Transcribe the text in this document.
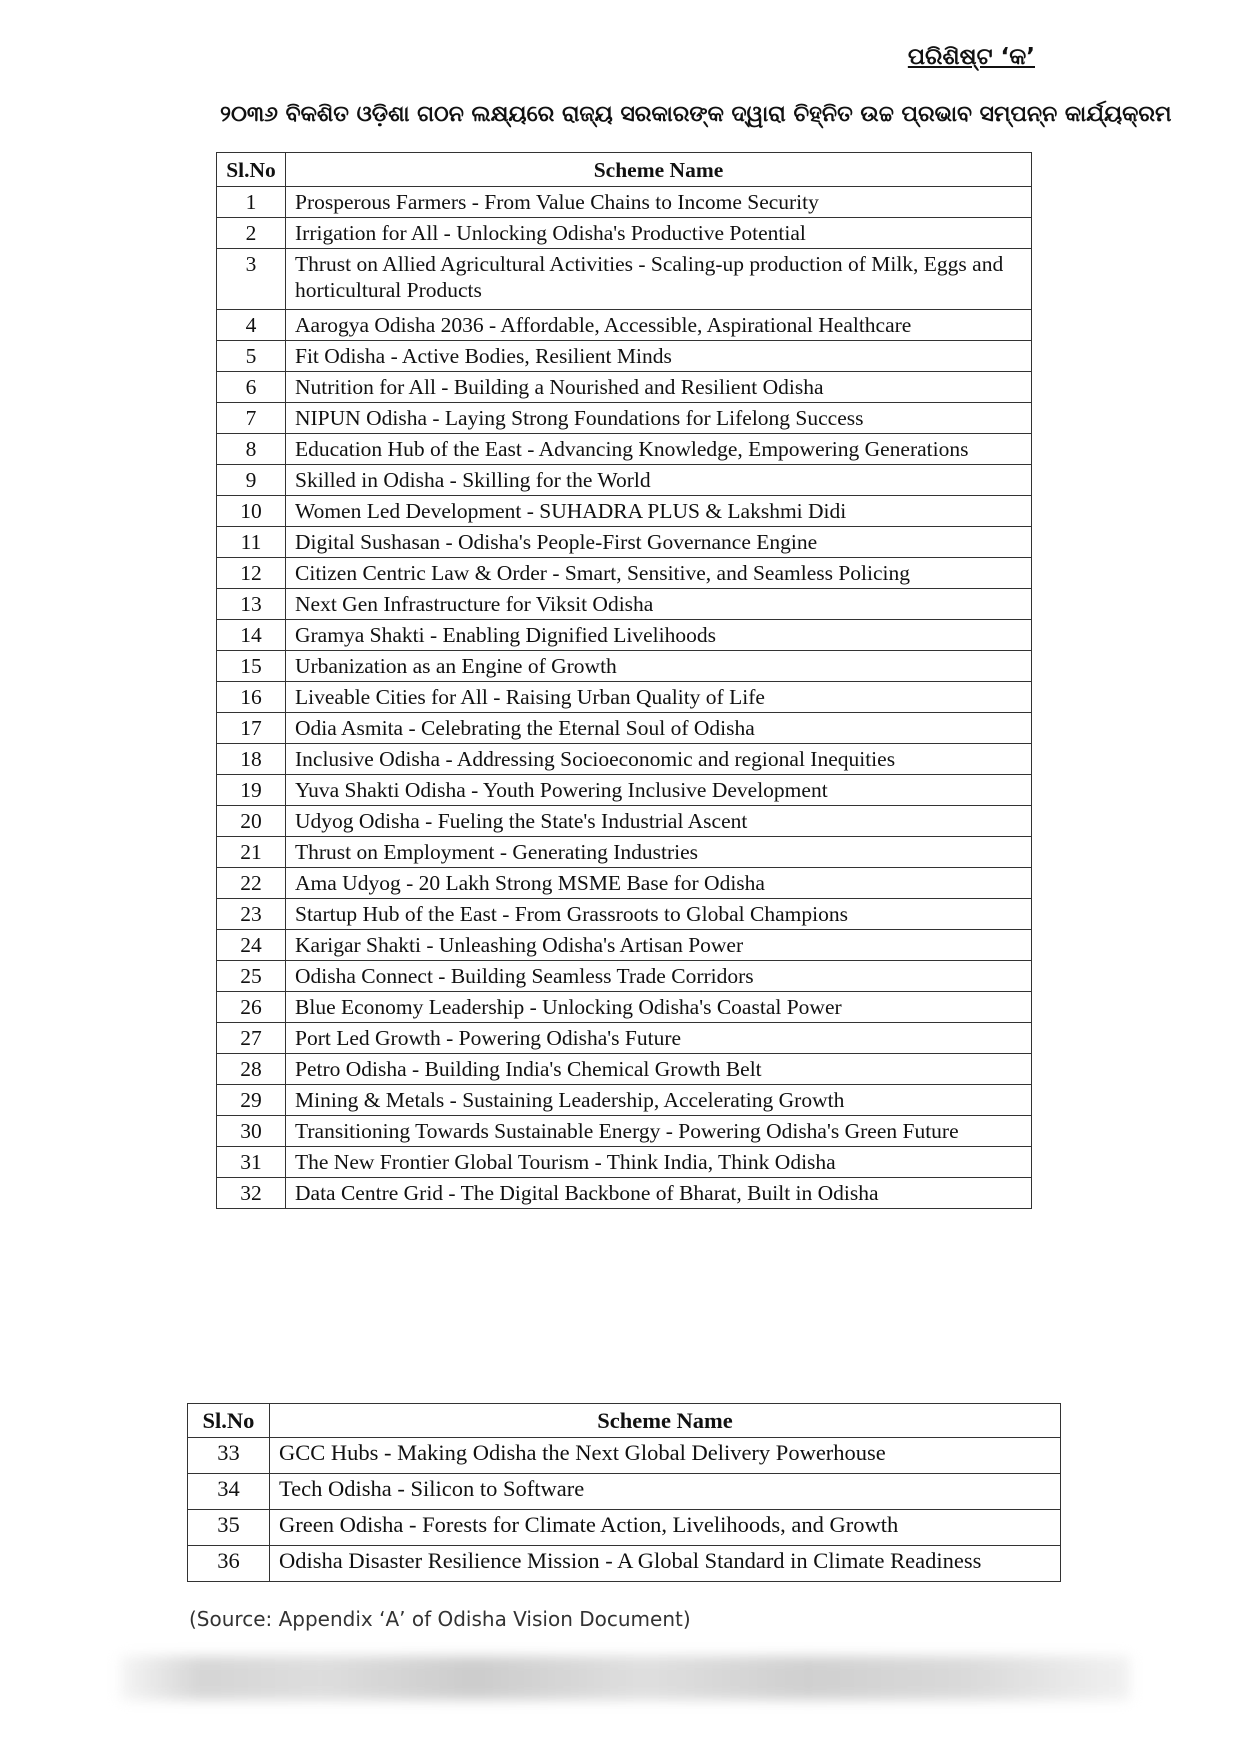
ପରିଶିଷ୍ଟ ‘କ’
୨୦୩୬ ବିକଶିତ ଓଡ଼ିଶା ଗଠନ ଲକ୍ଷ୍ୟରେ ରାଜ୍ୟ ସରକାରଙ୍କ ଦ୍ୱାରା ଚିହ୍ନିତ ଉଚ୍ଚ ପ୍ରଭାବ ସମ୍ପନ୍ନ କାର୍ଯ୍ୟକ୍ରମ
Sl.No	Scheme Name
1	Prosperous Farmers - From Value Chains to Income Security
2	Irrigation for All - Unlocking Odisha's Productive Potential
3	Thrust on Allied Agricultural Activities - Scaling-up production of Milk, Eggs and horticultural Products
4	Aarogya Odisha 2036 - Affordable, Accessible, Aspirational Healthcare
5	Fit Odisha - Active Bodies, Resilient Minds
6	Nutrition for All - Building a Nourished and Resilient Odisha
7	NIPUN Odisha - Laying Strong Foundations for Lifelong Success
8	Education Hub of the East - Advancing Knowledge, Empowering Generations
9	Skilled in Odisha - Skilling for the World
10	Women Led Development - SUHADRA PLUS & Lakshmi Didi
11	Digital Sushasan - Odisha's People-First Governance Engine
12	Citizen Centric Law & Order - Smart, Sensitive, and Seamless Policing
13	Next Gen Infrastructure for Viksit Odisha
14	Gramya Shakti - Enabling Dignified Livelihoods
15	Urbanization as an Engine of Growth
16	Liveable Cities for All - Raising Urban Quality of Life
17	Odia Asmita - Celebrating the Eternal Soul of Odisha
18	Inclusive Odisha - Addressing Socioeconomic and regional Inequities
19	Yuva Shakti Odisha - Youth Powering Inclusive Development
20	Udyog Odisha - Fueling the State's Industrial Ascent
21	Thrust on Employment - Generating Industries
22	Ama Udyog - 20 Lakh Strong MSME Base for Odisha
23	Startup Hub of the East - From Grassroots to Global Champions
24	Karigar Shakti - Unleashing Odisha's Artisan Power
25	Odisha Connect - Building Seamless Trade Corridors
26	Blue Economy Leadership - Unlocking Odisha's Coastal Power
27	Port Led Growth - Powering Odisha's Future
28	Petro Odisha - Building India's Chemical Growth Belt
29	Mining & Metals - Sustaining Leadership, Accelerating Growth
30	Transitioning Towards Sustainable Energy - Powering Odisha's Green Future
31	The New Frontier Global Tourism - Think India, Think Odisha
32	Data Centre Grid - The Digital Backbone of Bharat, Built in Odisha
Sl.No	Scheme Name
33	GCC Hubs - Making Odisha the Next Global Delivery Powerhouse
34	Tech Odisha - Silicon to Software
35	Green Odisha - Forests for Climate Action, Livelihoods, and Growth
36	Odisha Disaster Resilience Mission - A Global Standard in Climate Readiness
(Source: Appendix ‘A’ of Odisha Vision Document)
